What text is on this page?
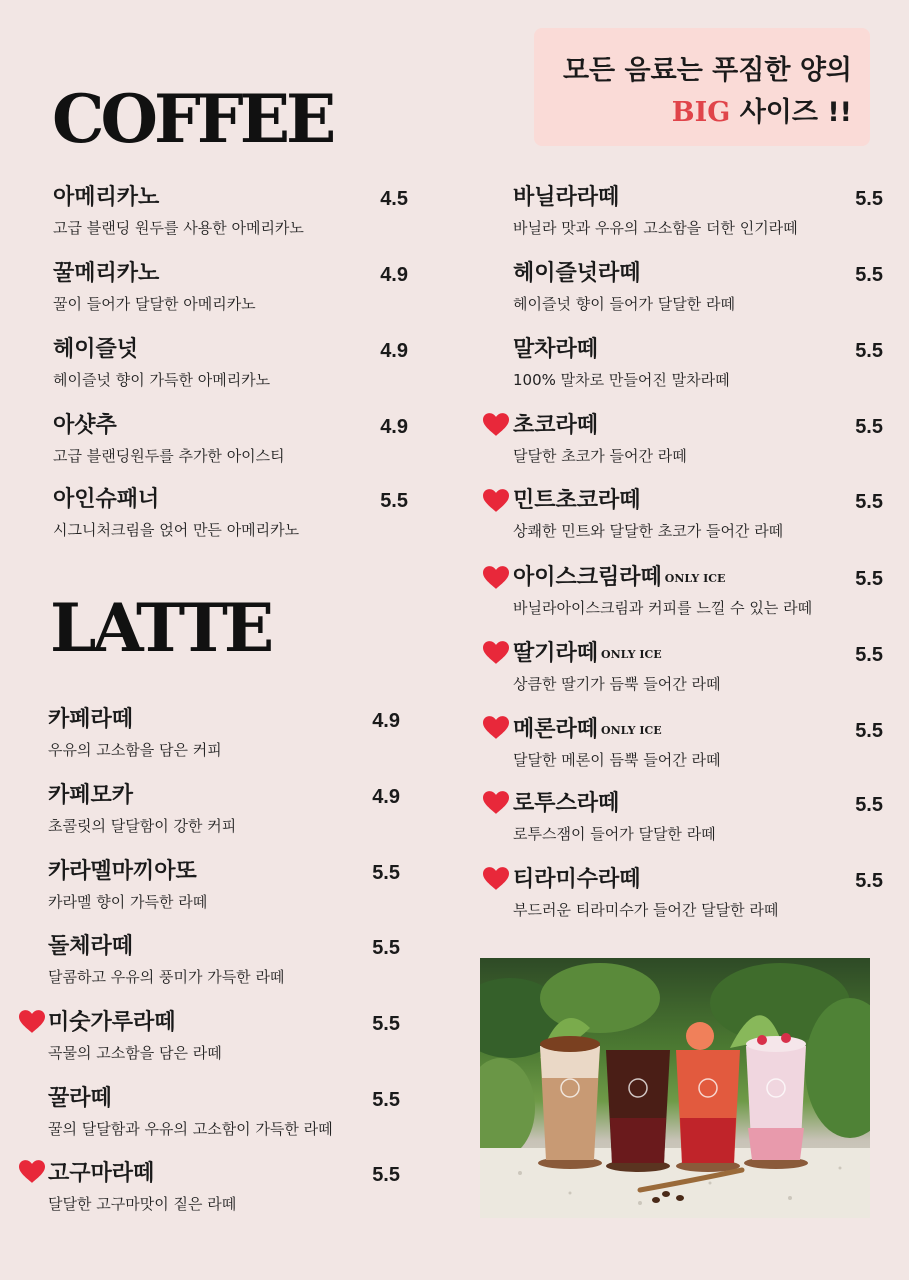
모든 음료는 푸짐한 양의
BIG 사이즈 !!
COFFEE
LATTE
아메리카노	4.5
고급 블랜딩 원두를 사용한 아메리카노
꿀메리카노	4.9
꿀이 들어가 달달한 아메리카노
헤이즐넛	4.9
헤이즐넛 향이 가득한 아메리카노
아샷추	4.9
고급 블랜딩원두를 추가한 아이스티
아인슈패너	5.5
시그니처크림을 얹어 만든 아메리카노
카페라떼	4.9
우유의 고소함을 담은 커피
카페모카	4.9
초콜릿의 달달함이 강한 커피
카라멜마끼아또	5.5
카라멜 향이 가득한 라떼
돌체라떼	5.5
달콤하고 우유의 풍미가 가득한 라떼
미숫가루라떼	5.5
곡물의 고소함을 담은 라떼
꿀라떼	5.5
꿀의 달달함과 우유의 고소함이 가득한 라떼
고구마라떼	5.5
달달한 고구마맛이 짙은 라떼
바닐라라떼	5.5
바닐라 맛과 우유의 고소함을 더한 인기라떼
헤이즐넛라떼	5.5
헤이즐넛 향이 들어가 달달한 라떼
말차라떼	5.5
100% 말차로 만들어진 말차라떼
초코라떼	5.5
달달한 초코가 들어간 라떼
민트초코라떼	5.5
상쾌한 민트와 달달한 초코가 들어간 라떼
아이스크림라떼 ONLY ICE	5.5
바닐라아이스크림과 커피를 느낄 수 있는 라떼
딸기라떼 ONLY ICE	5.5
상큼한 딸기가 듬뿍 들어간 라떼
메론라떼 ONLY ICE	5.5
달달한 메론이 듬뿍 들어간 라떼
로투스라떼	5.5
로투스잼이 들어가 달달한 라떼
티라미수라떼	5.5
부드러운 티라미수가 들어간 달달한 라떼
